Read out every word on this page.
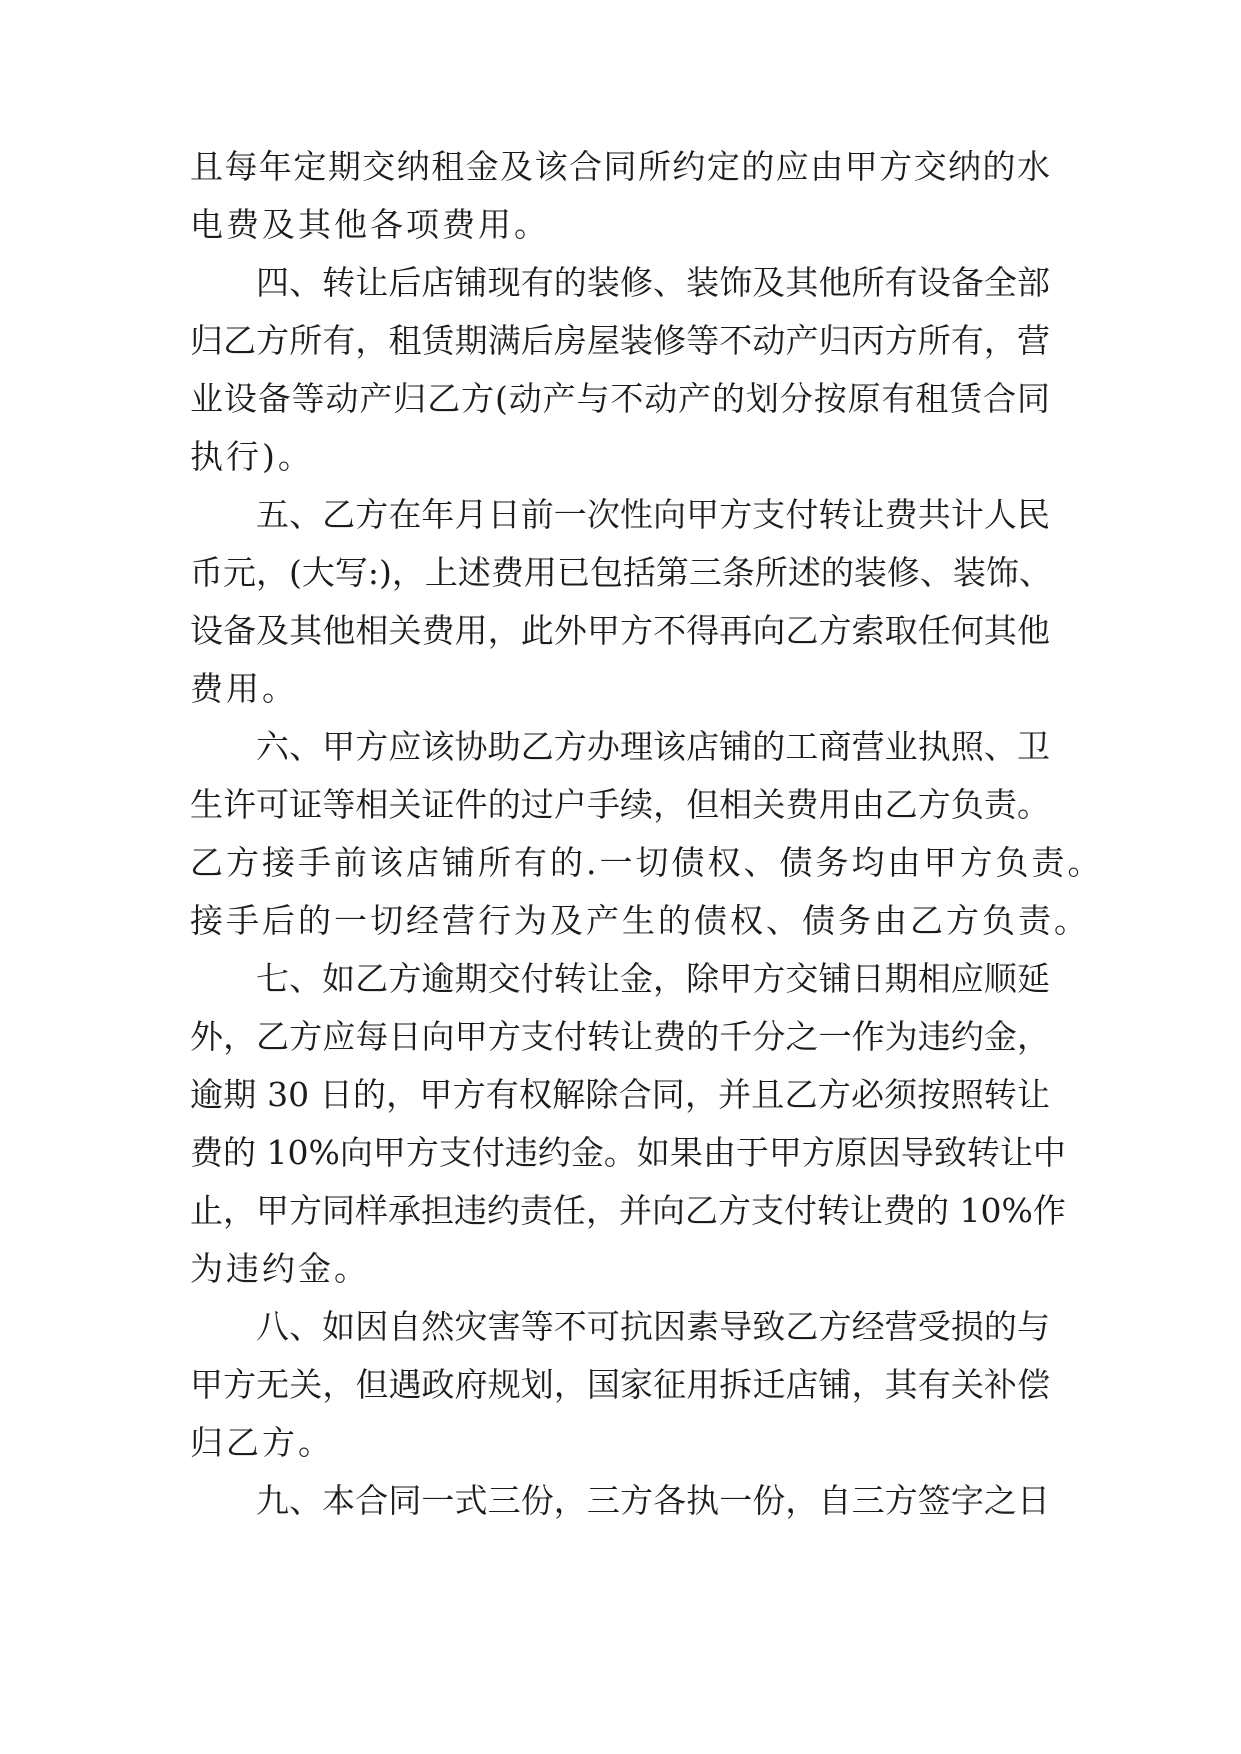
且每年定期交纳租金及该合同所约定的应由甲方交纳的水
电费及其他各项费用。
四、转让后店铺现有的装修、装饰及其他所有设备全部
归乙方所有，租赁期满后房屋装修等不动产归丙方所有，营
业设备等动产归乙方(动产与不动产的划分按原有租赁合同
执行)。
五、乙方在年月日前一次性向甲方支付转让费共计人民
币元，(大写:)，上述费用已包括第三条所述的装修、装饰、
设备及其他相关费用，此外甲方不得再向乙方索取任何其他
费用。
六、甲方应该协助乙方办理该店铺的工商营业执照、卫
生许可证等相关证件的过户手续，但相关费用由乙方负责。
乙方接手前该店铺所有的.一切债权、债务均由甲方负责。
接手后的一切经营行为及产生的债权、债务由乙方负责。
七、如乙方逾期交付转让金，除甲方交铺日期相应顺延
外，乙方应每日向甲方支付转让费的千分之一作为违约金，
逾期 30 日的，甲方有权解除合同，并且乙方必须按照转让
费的 10%向甲方支付违约金。如果由于甲方原因导致转让中
止，甲方同样承担违约责任，并向乙方支付转让费的 10%作
为违约金。
八、如因自然灾害等不可抗因素导致乙方经营受损的与
甲方无关，但遇政府规划，国家征用拆迁店铺，其有关补偿
归乙方。
九、本合同一式三份，三方各执一份，自三方签字之日
